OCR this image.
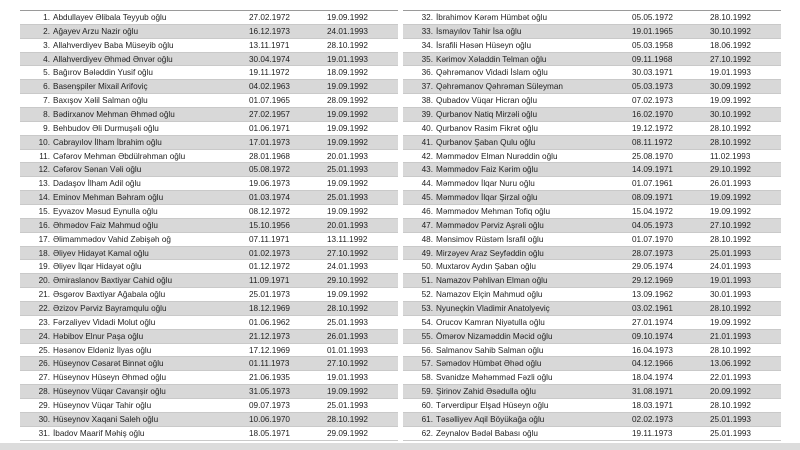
1. Abdullayev Əlibala Teyyub oğlu	27.02.1972	19.09.1992
2. Ağayev Arzu Nazir oğlu	16.12.1973	24.01.1993
3. Allahverdiyev Baba Müseyib oğlu	13.11.1971	28.10.1992
4. Allahverdiyev Əhməd Ənvər oğlu	30.04.1974	19.01.1993
5. Bağırov Bələddin Yusif oğlu	19.11.1972	18.09.1992
6. Basenşpiler Mixail Arifoviç	04.02.1963	19.09.1992
7. Baxışov Xəlil Salman oğlu	01.07.1965	28.09.1992
8. Bədirxanov Mehman Əhməd oğlu	27.02.1957	19.09.1992
9. Behbudov Əli Durmuşəli oğlu	01.06.1971	19.09.1992
10. Cabrayılov İlham İbrahim oğlu	17.01.1973	19.09.1992
11. Cəfərov Mehman Əbdülrəhman oğlu	28.01.1968	20.01.1993
12. Cəfərov Sənan Vəli oğlu	05.08.1972	25.01.1993
13. Dadaşov İlham Adil oğlu	19.06.1973	19.09.1992
14. Eminov Mehman Bəhram oğlu	01.03.1974	25.01.1993
15. Eyvazov Məsud Eynulla oğlu	08.12.1972	19.09.1992
16. Əhmədov Faiz Mahmud oğlu	15.10.1956	20.01.1993
17. Əlimammədov Vahid Zəbişəh oğ	07.11.1971	13.11.1992
18. Əliyev Hidayət Kamal oğlu	01.02.1973	27.10.1992
19. Əliyev İlqar Hidayət oğlu	01.12.1972	24.01.1993
20. Əmiraslanov Baxtiyar Cahid oğlu	11.09.1971	29.10.1992
21. Əsgərov Baxtiyar Ağabala oğlu	25.01.1973	19.09.1992
22. Əzizov Pərviz Bayramqulu oğlu	18.12.1969	28.10.1992
23. Fərzaliyev Vidadi Molut oğlu	01.06.1962	25.01.1993
24. Həbibov Elnur Paşa oğlu	21.12.1973	26.01.1993
25. Həsənov Eldəniz İlyas oğlu	17.12.1969	01.01.1993
26. Hüseynov Cəsarət Binnət oğlu	01.11.1973	27.10.1992
27. Hüseynov Hüseyn Əhməd oğlu	21.06.1935	19.01.1993
28. Hüseynov Vüqar Cavanşir oğlu	31.05.1973	19.09.1992
29. Hüseynov Vüqar Tahir oğlu	09.07.1973	25.01.1993
30. Hüseynov Xaqani Saleh oğlu	10.06.1970	28.10.1992
31. İbadov Maarif Məhiş oğlu	18.05.1971	29.09.1992
32. İbrahimov Kərəm Hümbət oğlu	05.05.1972	28.10.1992
33. İsmayılov Tahir İsa oğlu	19.01.1965	30.10.1992
34. İsrafili Həsən Hüseyn oğlu	05.03.1958	18.06.1992
35. Kərimov Xəladdin Telman oğlu	09.11.1968	27.10.1992
36. Qəhrəmanov Vidadi İslam oğlu	30.03.1971	19.01.1993
37. Qəhrəmanov Qəhrəman Süleyman	05.03.1973	30.09.1992
38. Qubadov Vüqar Hicran oğlu	07.02.1973	19.09.1992
39. Qurbanov Natiq Mirzəli oğlu	16.02.1970	30.10.1992
40. Qurbanov Rasim Fikrət oğlu	19.12.1972	28.10.1992
41. Qurbanov Şaban Qulu oğlu	08.11.1972	28.10.1992
42. Məmmədov Elman Nurəddin oğlu	25.08.1970	11.02.1993
43. Məmmədov Faiz Kərim oğlu	14.09.1971	29.10.1992
44. Məmmədov İlqar Nuru oğlu	01.07.1961	26.01.1993
45. Məmmədov İlqar Şirzal oğlu	08.09.1971	19.09.1992
46. Məmmədov Mehman Tofiq oğlu	15.04.1972	19.09.1992
47. Məmmədov Pərviz Aşrəli oğlu	04.05.1973	27.10.1992
48. Mənsimov Rüstəm İsrafil oğlu	01.07.1970	28.10.1992
49. Mirzəyev Araz Seyfəddin oğlu	28.07.1973	25.01.1993
50. Muxtarov Aydın Şaban oğlu	29.05.1974	24.01.1993
51. Namazov Pəhlivan Elman oğlu	29.12.1969	19.01.1993
52. Namazov Elçin Mahmud oğlu	13.09.1962	30.01.1993
53. Nyuneçkin Vladimir Anatolyeviç	03.02.1961	28.10.1992
54. Orucov Kamran Niyətulla oğlu	27.01.1974	19.09.1992
55. Ömərov Nizaməddin Məcid oğlu	09.10.1974	21.01.1993
56. Salmanov Sahib Salman oğlu	16.04.1973	28.10.1992
57. Səmədov Hümbət Əhəd oğlu	04.12.1966	13.06.1992
58. Svanidze Məhəmməd Fəzli oğlu	18.04.1974	22.01.1993
59. Şirinov Zahid Əsədulla oğlu	31.08.1971	20.09.1992
60. Tərverdipur Elşad Hüseyn oğlu	18.03.1971	28.10.1992
61. Təsəlliyev Aqil Böyükağa oğlu	02.02.1973	25.01.1993
62. Zeynalov Bədəl Babası oğlu	19.11.1973	25.01.1993
